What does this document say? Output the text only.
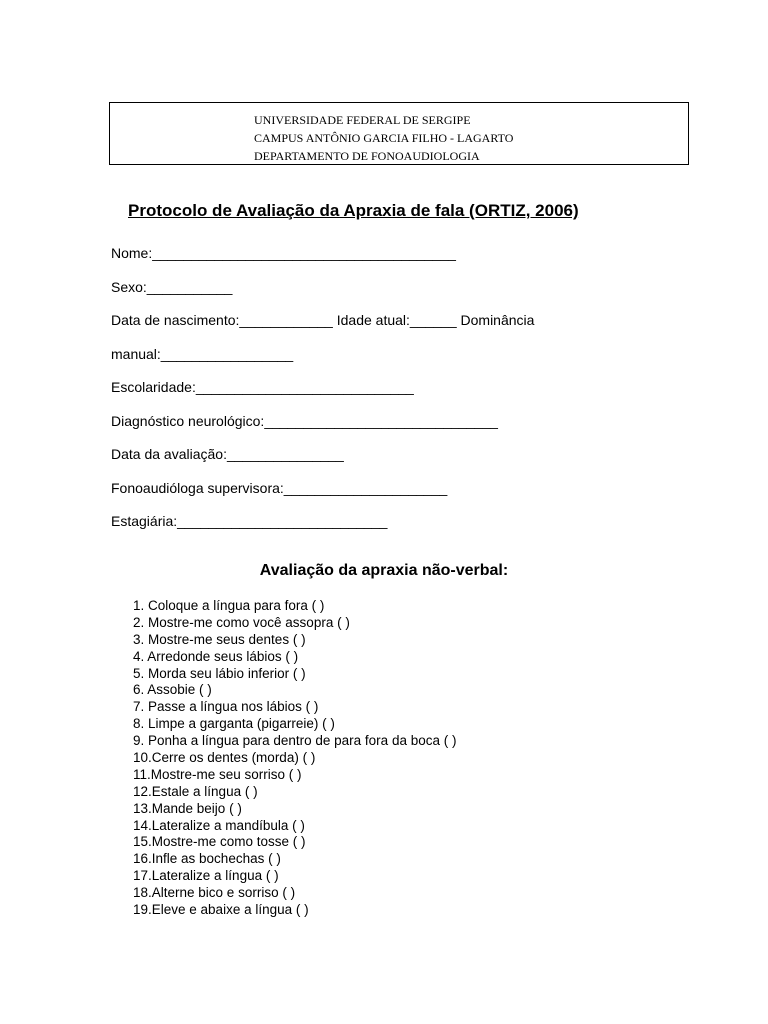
UNIVERSIDADE FEDERAL DE SERGIPE
CAMPUS ANTÔNIO GARCIA FILHO - LAGARTO
DEPARTAMENTO DE FONOAUDIOLOGIA
Protocolo de Avaliação da Apraxia de fala (ORTIZ, 2006)
Nome:_______________________________________
Sexo:___________
Data de nascimento:____________ Idade atual:______ Dominância
manual:_________________
Escolaridade:____________________________
Diagnóstico neurológico:______________________________
Data da avaliação:_______________
Fonoaudióloga supervisora:_____________________
Estagiária:___________________________
Avaliação da apraxia não-verbal:
1. Coloque a língua para fora ( )
2. Mostre-me como você assopra ( )
3. Mostre-me seus dentes ( )
4. Arredonde seus lábios ( )
5. Morda seu lábio inferior ( )
6. Assobie ( )
7. Passe a língua nos lábios ( )
8. Limpe a garganta (pigarreie) ( )
9. Ponha a língua para dentro de para fora da boca ( )
10.Cerre os dentes (morda) ( )
11.Mostre-me seu sorriso ( )
12.Estale a língua ( )
13.Mande beijo ( )
14.Lateralize a mandíbula ( )
15.Mostre-me como tosse ( )
16.Infle as bochechas ( )
17.Lateralize a língua ( )
18.Alterne bico e sorriso ( )
19.Eleve e abaixe a língua ( )
